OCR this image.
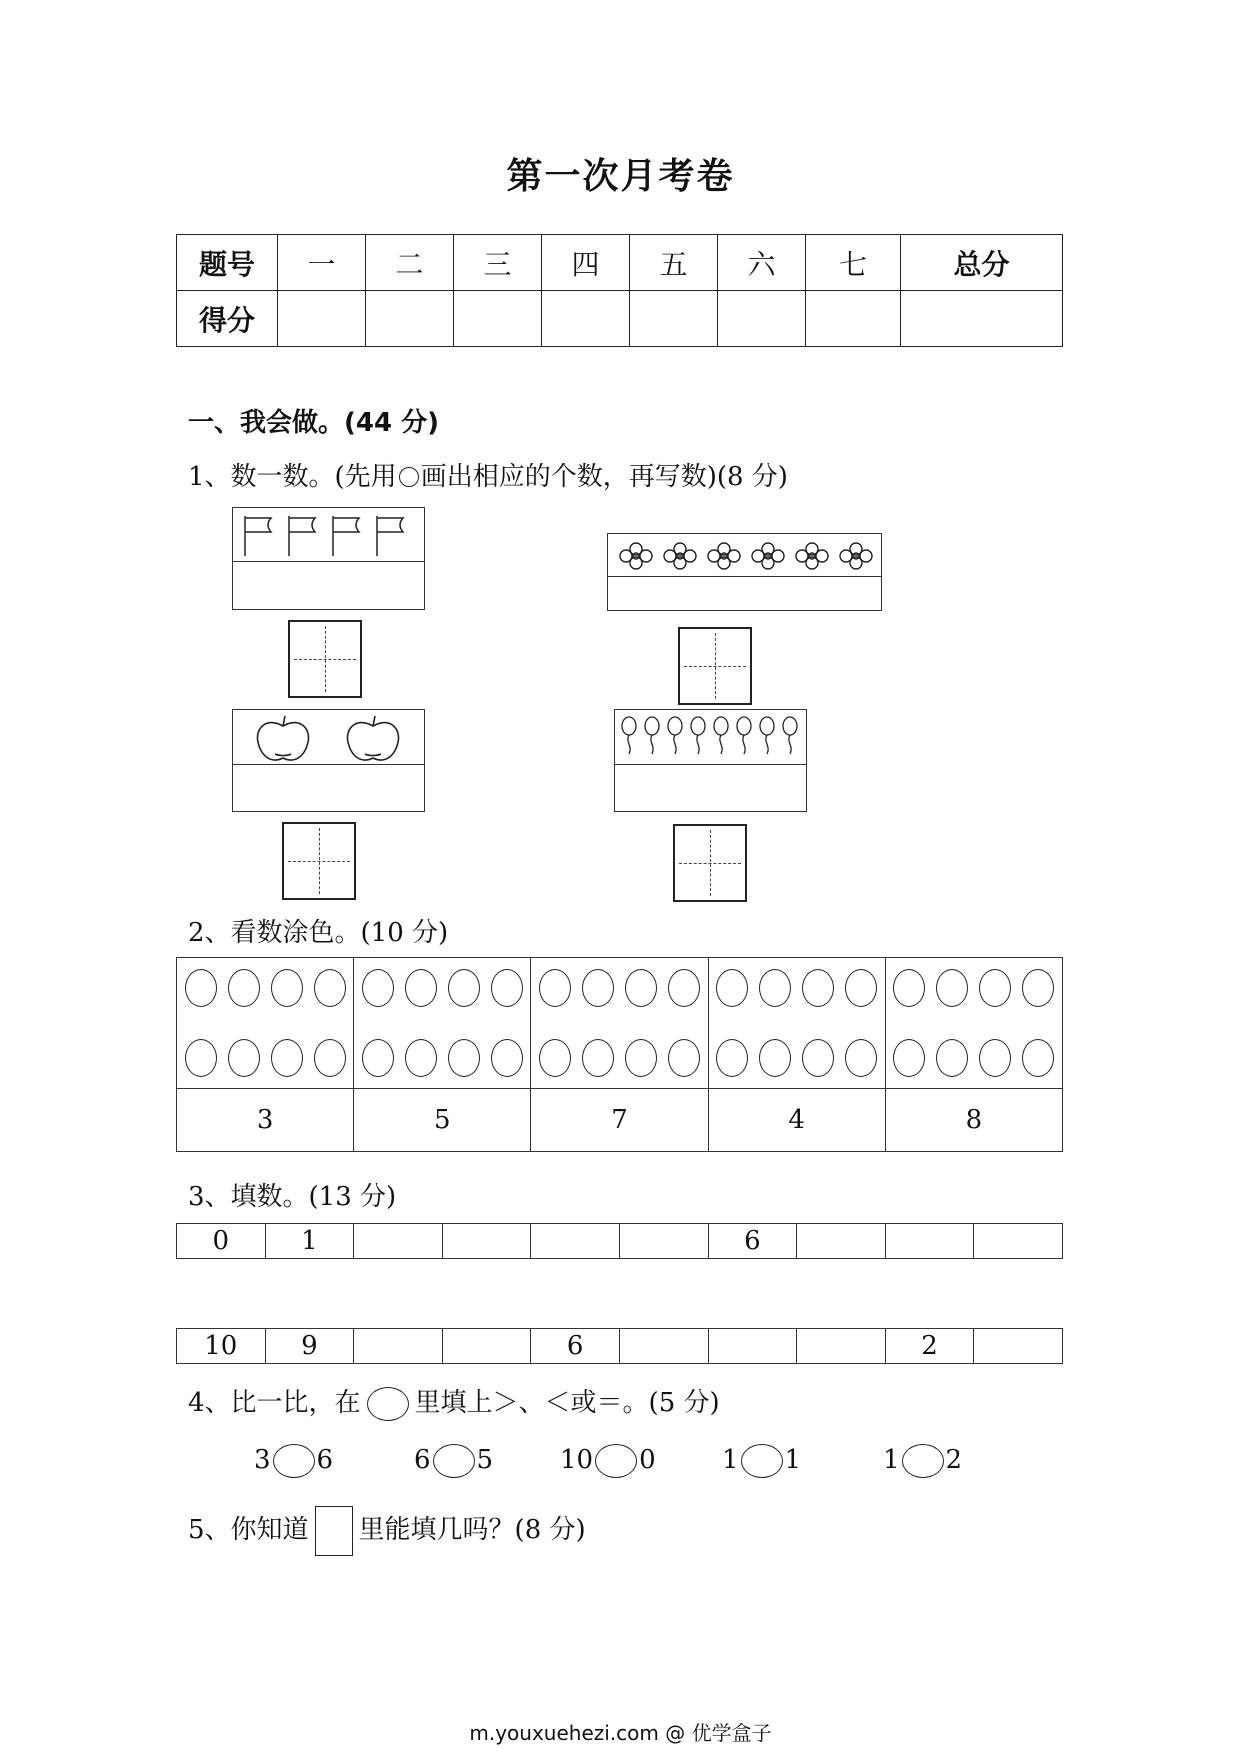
第一次月考卷
题号	一	二	三	四	五	六	七	总分
得分								
一、我会做。(44 分)
1、数一数。(先用 画出相应的个数，再写数)(8 分)
2、看数涂色。(10 分)

3	5	7	4	8
3、填数。(13 分)
0	1					6			
10	9			6				2	
4、比一比，在 里填上＞、＜或＝。(5 分)
3 6	6 5	10 0	1 1	1 2
5、你知道 里能填几吗？(8 分)
m.youxuehezi.com @ 优学盒子
